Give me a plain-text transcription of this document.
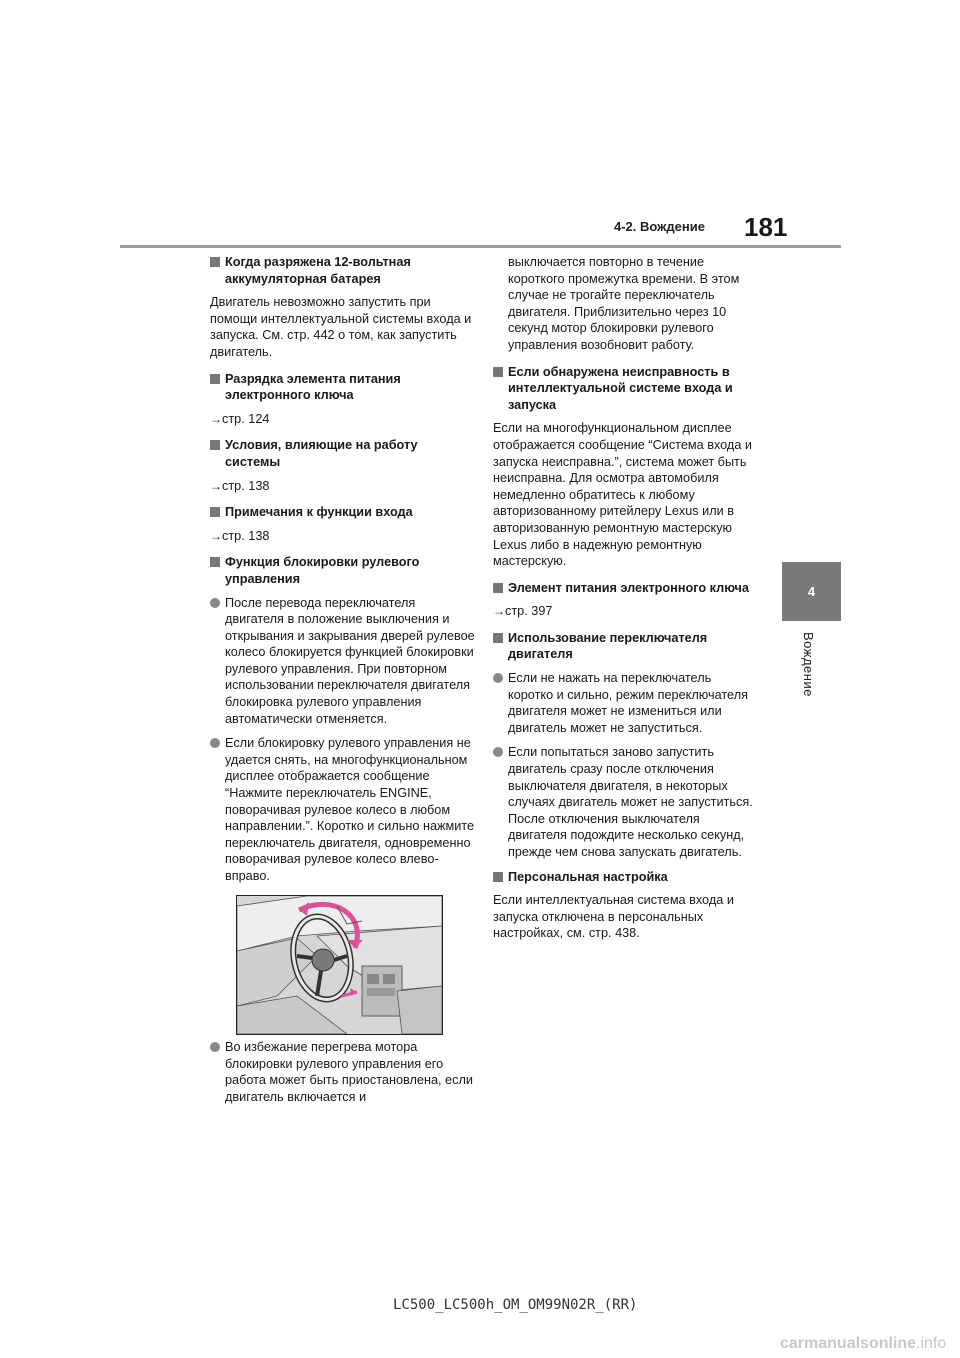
181
4-2. Вождение
4
Вождение
Когда разряжена 12-вольтная аккумуляторная батарея
Двигатель невозможно запустить при помощи интеллектуальной системы входа и запуска. См. стр. 442 о том, как запустить двигатель.
Разрядка элемента питания электронного ключа
→стр. 124
Условия, влияющие на работу системы
→стр. 138
Примечания к функции входа
→стр. 138
Функция блокировки рулевого управления
После перевода переключателя двигателя в положение выключения и открывания и закрывания дверей рулевое колесо блокируется функцией блокировки рулевого управления. При повторном использовании переключателя двигателя блокировка рулевого управления автоматически отменяется.
Если блокировку рулевого управления не удается снять, на многофункциональном дисплее отображается сообщение “Нажмите переключатель ENGINE, поворачивая рулевое колесо в любом направлении.”. Коротко и сильно нажмите переключатель двигателя, одновременно поворачивая рулевое колесо влево-вправо.
Во избежание перегрева мотора блокировки рулевого управления его работа может быть приостановлена, если двигатель включается и
выключается повторно в течение короткого промежутка времени. В этом случае не трогайте переключатель двигателя. Приблизительно через 10 секунд мотор блокировки рулевого управления возобновит работу.
Если обнаружена неисправность в интеллектуальной системе входа и запуска
Если на многофункциональном дисплее отображается сообщение “Система входа и запуска неисправна.”, система может быть неисправна. Для осмотра автомобиля немедленно обратитесь к любому авторизованному ритейлеру Lexus или в авторизованную ремонтную мастерскую Lexus либо в надежную ремонтную мастерскую.
Элемент питания электронного ключа
→стр. 397
Использование переключателя двигателя
Если не нажать на переключатель коротко и сильно, режим переключателя двигателя может не измениться или двигатель может не запуститься.
Если попытаться заново запустить двигатель сразу после отключения выключателя двигателя, в некоторых случаях двигатель может не запуститься. После отключения выключателя двигателя подождите несколько секунд, прежде чем снова запускать двигатель.
Персональная настройка
Если интеллектуальная система входа и запуска отключена в персональных настройках, см. стр. 438.
LC500_LC500h_OM_OM99N02R_(RR)
carmanualsonline.info
